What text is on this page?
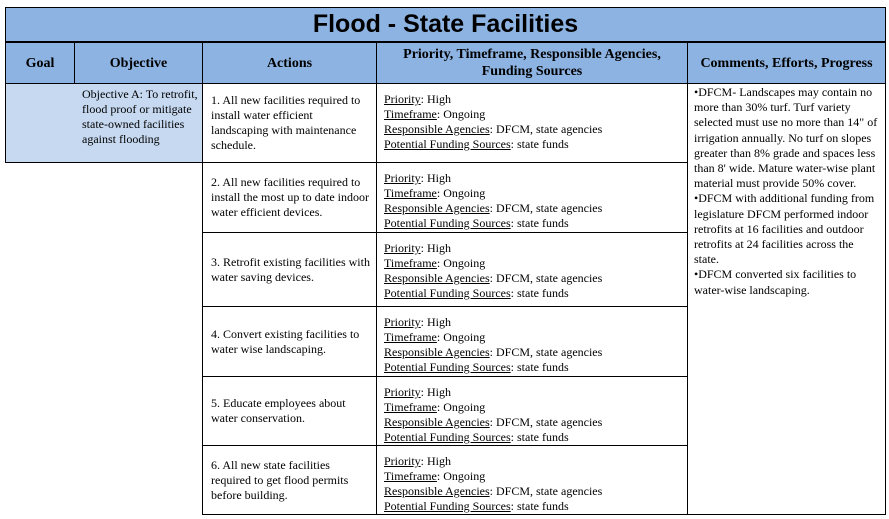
Flood - State Facilities
Goal	Objective	Actions
Priority, Timeframe, Responsible Agencies, Funding Sources
Comments, Efforts, Progress
Objective A: To retrofit, flood proof or mitigate state-owned facilities against flooding
1. All new facilities required to install water efficient landscaping with maintenance schedule.
2. All new facilities required to install the most up to date indoor water efficient devices.
3. Retrofit existing facilities with water saving devices.
4. Convert existing facilities to water wise landscaping.
5. Educate employees about water conservation.
6. All new state facilities required to get flood permits before building.
Priority: High
Timeframe: Ongoing
Responsible Agencies: DFCM, state agencies
Potential Funding Sources: state funds
Priority: High
Timeframe: Ongoing
Responsible Agencies: DFCM, state agencies
Potential Funding Sources: state funds
Priority: High
Timeframe: Ongoing
Responsible Agencies: DFCM, state agencies
Potential Funding Sources: state funds
Priority: High
Timeframe: Ongoing
Responsible Agencies: DFCM, state agencies
Potential Funding Sources: state funds
Priority: High
Timeframe: Ongoing
Responsible Agencies: DFCM, state agencies
Potential Funding Sources: state funds
Priority: High
Timeframe: Ongoing
Responsible Agencies: DFCM, state agencies
Potential Funding Sources: state funds

•DFCM- Landscapes may contain no more than 30% turf. Turf variety selected must use no more than 14" of irrigation annually. No turf on slopes greater than 8% grade and spaces less than 8' wide. Mature water-wise plant material must provide 50% cover.

•DFCM with additional funding from legislature DFCM performed indoor retrofits at 16 facilities and outdoor retrofits at 24 facilities across the state.

•DFCM converted six facilities to water-wise landscaping.
